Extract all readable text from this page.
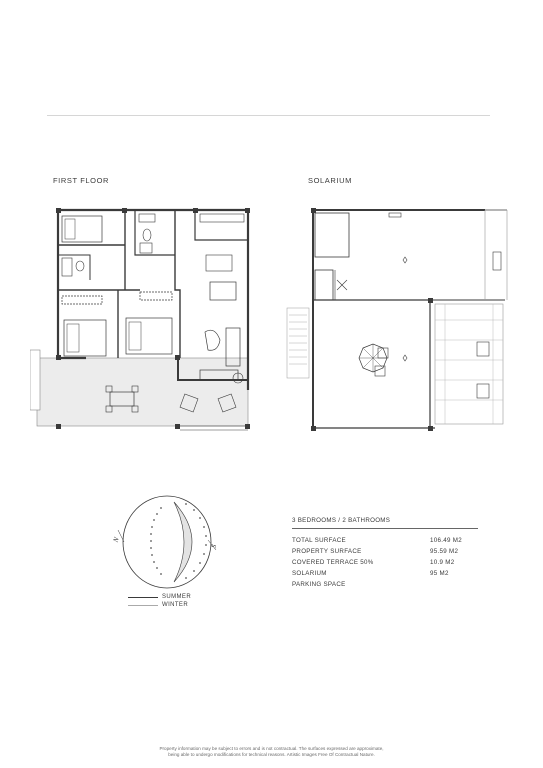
FIRST FLOOR	SOLARIUM
N
S
SUMMER
WINTER
3 BEDROOMS / 2 BATHROOMS
TOTAL SURFACE	106.49 M2
PROPERTY SURFACE	95.59 M2
COVERED TERRACE 50%	10.9 M2
SOLARIUM	95 M2
PARKING SPACE
Property information may be subject to errors and is not contractual. The surfaces expressed are approximate,
being able to undergo modifications for technical reasons. Artistic Images Free Of Contractual Nature.
